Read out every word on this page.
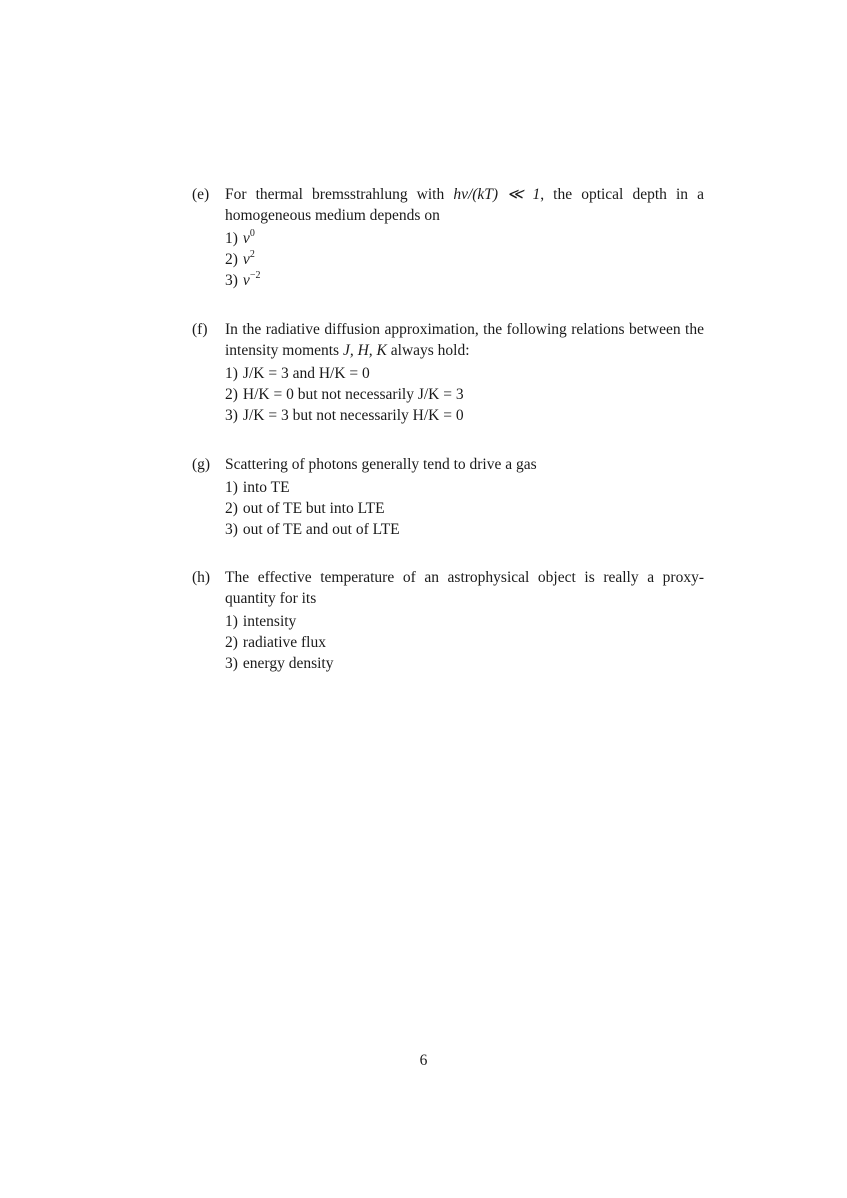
(e) For thermal bremsstrahlung with hν/(kT) ≪ 1, the optical depth in a homogeneous medium depends on
1) $\nu^0$
2) $\nu^2$
3) $\nu^{-2}$
(f) In the radiative diffusion approximation, the following relations between the intensity moments J, H, K always hold:
1) J/K = 3 and H/K = 0
2) H/K = 0 but not necessarily J/K = 3
3) J/K = 3 but not necessarily H/K = 0
(g) Scattering of photons generally tend to drive a gas
1) into TE
2) out of TE but into LTE
3) out of TE and out of LTE
(h) The effective temperature of an astrophysical object is really a proxy-quantity for its
1) intensity
2) radiative flux
3) energy density
6
